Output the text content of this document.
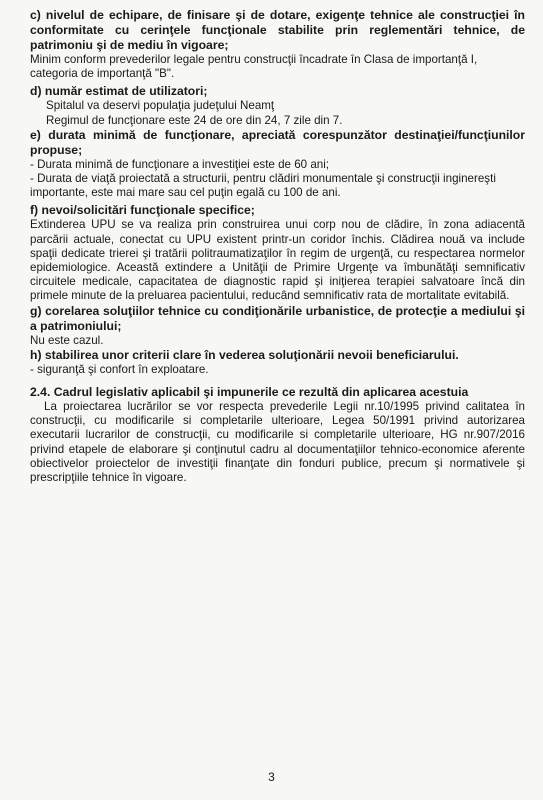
c) nivelul de echipare, de finisare şi de dotare, exigenţe tehnice ale construcţiei în conformitate cu cerinţele funcţionale stabilite prin reglementări tehnice, de patrimoniu şi de mediu în vigoare;

Minim conform prevederilor legale pentru construcţii încadrate în Clasa de importanţă I, categoria de importanţă "B".

d) număr estimat de utilizatori;

Spitalul va deservi populaţia judeţului Neamţ

Regimul de funcţionare este 24 de ore din 24, 7 zile din 7.

e) durata minimă de funcţionare, apreciată corespunzător destinaţiei/funcţiunilor propuse;

- Durata minimă de funcţionare a investiţiei este de 60 ani;

- Durata de viaţă proiectată a structurii, pentru clădiri monumentale şi construcţii inginereşti importante, este mai mare sau cel puţin egală cu 100 de ani.

f) nevoi/solicitări funcţionale specifice;

Extinderea UPU se va realiza prin construirea unui corp nou de clădire, în zona adiacentă parcării actuale, conectat cu UPU existent printr-un coridor închis. Clădirea nouă va include spaţii dedicate trierei şi tratării politraumatizaţilor în regim de urgenţă, cu respectarea normelor epidemiologice. Această extindere a Unităţii de Primire Urgenţe va îmbunătăţi semnificativ circuitele medicale, capacitatea de diagnostic rapid şi iniţierea terapiei salvatoare încă din primele minute de la preluarea pacientului, reducând semnificativ rata de mortalitate evitabilă.

g) corelarea soluţiilor tehnice cu condiţionările urbanistice, de protecţie a mediului şi a patrimoniului;

Nu este cazul.

h) stabilirea unor criterii clare în vederea soluţionării nevoii beneficiarului.

- siguranţă şi confort în exploatare.

2.4. Cadrul legislativ aplicabil şi impunerile ce rezultă din aplicarea acestuia

La proiectarea lucrărilor se vor respecta prevederile Legii nr.10/1995 privind calitatea în construcţii, cu modificarile si completarile ulterioare, Legea 50/1991 privind autorizarea executarii lucrarilor de construcţii, cu modificarile si completarile ulterioare, HG nr.907/2016 privind etapele de elaborare şi conţinutul cadru al documentaţiilor tehnico-economice aferente obiectivelor proiectelor de investiţii finanţate din fonduri publice, precum şi normativele şi prescripţiile tehnice în vigoare.

3
